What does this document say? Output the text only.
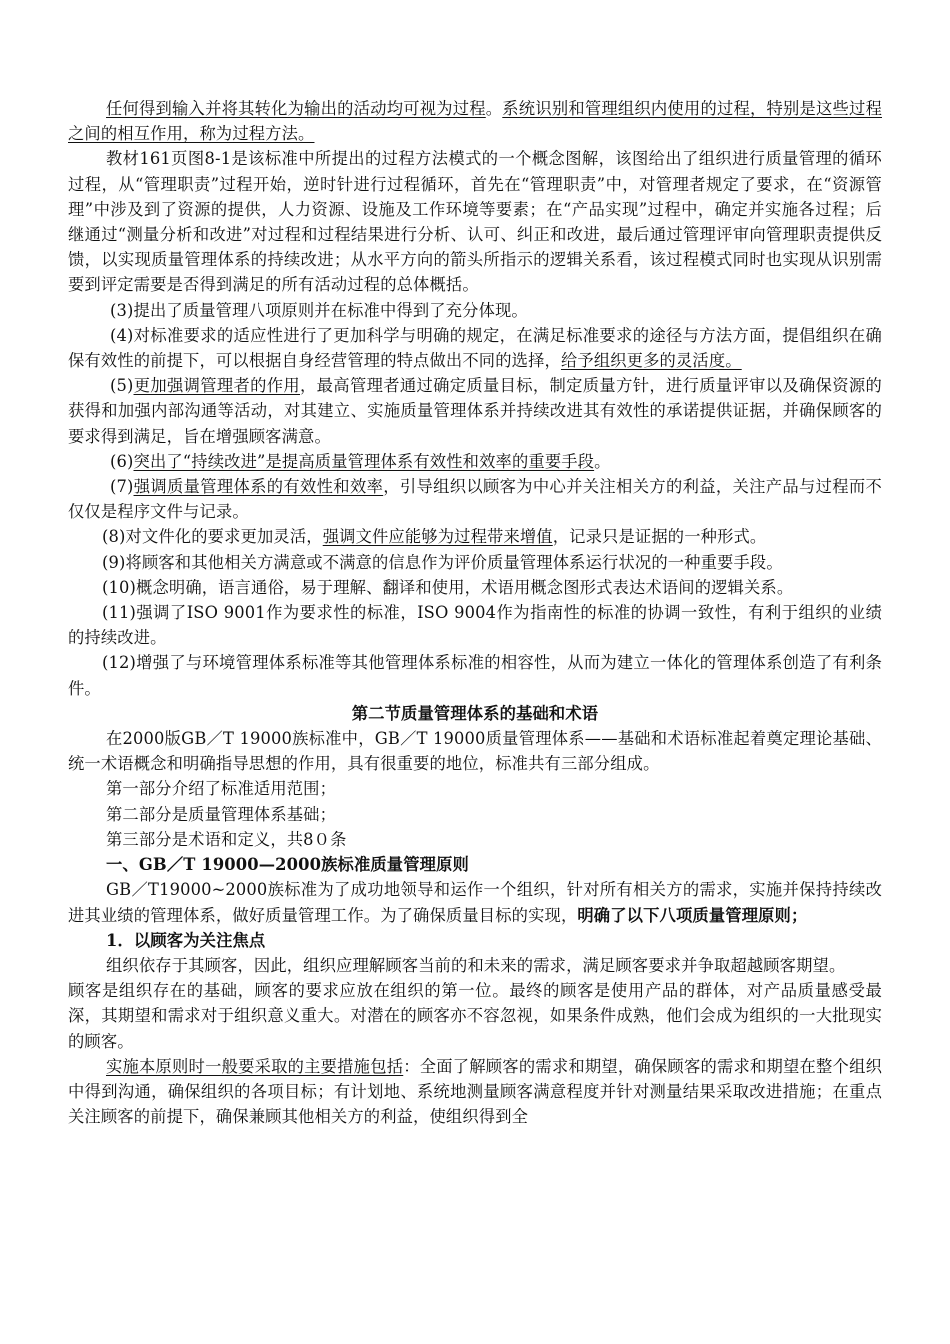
任何得到输入并将其转化为输出的活动均可视为过程。系统识别和管理组织内使用的过程，特别是这些过程之间的相互作用，称为过程方法。

教材161页图8-1是该标准中所提出的过程方法模式的一个概念图解，该图给出了组织进行质量管理的循环过程，从“管理职责”过程开始，逆时针进行过程循环，首先在“管理职责”中，对管理者规定了要求，在“资源管理”中涉及到了资源的提供，人力资源、设施及工作环境等要素；在“产品实现”过程中，确定并实施各过程；后继通过“测量分析和改进”对过程和过程结果进行分析、认可、纠正和改进，最后通过管理评审向管理职责提供反馈，以实现质量管理体系的持续改进；从水平方向的箭头所指示的逻辑关系看，该过程模式同时也实现从识别需要到评定需要是否得到满足的所有活动过程的总体概括。

(3)提出了质量管理八项原则并在标准中得到了充分体现。

(4)对标准要求的适应性进行了更加科学与明确的规定，在满足标准要求的途径与方法方面，提倡组织在确保有效性的前提下，可以根据自身经营管理的特点做出不同的选择，给予组织更多的灵活度。

(5)更加强调管理者的作用，最高管理者通过确定质量目标，制定质量方针，进行质量评审以及确保资源的获得和加强内部沟通等活动，对其建立、实施质量管理体系并持续改进其有效性的承诺提供证据，并确保顾客的要求得到满足，旨在增强顾客满意。

(6)突出了“持续改进”是提高质量管理体系有效性和效率的重要手段。

(7)强调质量管理体系的有效性和效率，引导组织以顾客为中心并关注相关方的利益，关注产品与过程而不仅仅是程序文件与记录。

(8)对文件化的要求更加灵活，强调文件应能够为过程带来增值，记录只是证据的一种形式。

(9)将顾客和其他相关方满意或不满意的信息作为评价质量管理体系运行状况的一种重要手段。

(10)概念明确，语言通俗，易于理解、翻译和使用，术语用概念图形式表达术语间的逻辑关系。

(11)强调了ISO 9001作为要求性的标准，ISO 9004作为指南性的标准的协调一致性，有利于组织的业绩的持续改进。

(12)增强了与环境管理体系标准等其他管理体系标准的相容性，从而为建立一体化的管理体系创造了有利条件。

第二节质量管理体系的基础和术语

在2000版GB／T 19000族标准中，GB／T 19000质量管理体系——基础和术语标准起着奠定理论基础、统一术语概念和明确指导思想的作用，具有很重要的地位，标准共有三部分组成。

第一部分介绍了标准适用范围；

第二部分是质量管理体系基础；

第三部分是术语和定义，共8０条

一、GB／T 19000—2000族标准质量管理原则

GB／T19000~2000族标准为了成功地领导和运作一个组织，针对所有相关方的需求，实施并保持持续改进其业绩的管理体系，做好质量管理工作。为了确保质量目标的实现，明确了以下八项质量管理原则；

1．以顾客为关注焦点

组织依存于其顾客，因此，组织应理解顾客当前的和未来的需求，满足顾客要求并争取超越顾客期望。

顾客是组织存在的基础，顾客的要求应放在组织的第一位。最终的顾客是使用产品的群体，对产品质量感受最深，其期望和需求对于组织意义重大。对潜在的顾客亦不容忽视，如果条件成熟，他们会成为组织的一大批现实的顾客。

实施本原则时一般要采取的主要措施包括：全面了解顾客的需求和期望，确保顾客的需求和期望在整个组织中得到沟通，确保组织的各项目标；有计划地、系统地测量顾客满意程度并针对测量结果采取改进措施；在重点关注顾客的前提下，确保兼顾其他相关方的利益，使组织得到全
